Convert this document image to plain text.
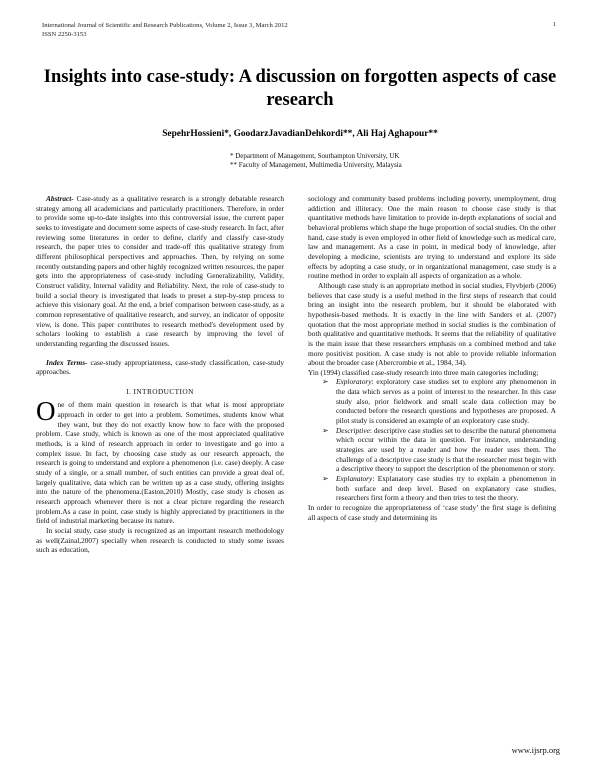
International Journal of Scientific and Research Publications, Volume 2, Issue 3, March 2012
ISSN 2250-3153
1
Insights into case-study: A discussion on forgotten aspects of case research
SepehrHossieni*, GoodarzJavadianDehkordi**, Ali Haj Aghapour**
* Department of Management, Southampton University, UK
** Faculty of Management, Multimedia University, Malaysia

Abstract- Case-study as a qualitative research is a strongly debatable research strategy among all academicians and particularly practitioners. Therefore, in order to provide some up-to-date insights into this controversial issue, the current paper seeks to investigate and document some aspects of case-study research. In fact, after reviewing some literatures in order to define, clarify and classify case-study research, the paper tries to consider and trade-off this qualitative strategy from different philosophical perspectives and approaches. Then, by relying on some recently outstanding papers and other highly recognized written resources, the paper gets into the appropriateness of case-study including Generalizability, Validity, Construct validity, Internal validity and Reliability. Next, the role of case-study to build a social theory is investigated that leads to preset a step-by-step process to achieve this visionary goal. At the end, a brief comparison between case-study, as a common representative of qualitative research, and survey, an indicator of opposite view, is done. This paper contributes to research method's development used by scholars looking to establish a case research by improving the level of understanding regarding the discussed issues.

Index Terms- case-study appropriateness, case-study classification, case-study approaches.

I. INTRODUCTION

One of them main question in research is that what is most appropriate approach in order to get into a problem. Sometimes, students know what they want, but they do not exactly know how to face with the proposed problem. Case study, which is known as one of the most appreciated qualitative methods, is a kind of research approach in order to investigate and go into a complex issue. In fact, by choosing case study as our research approach, the research is going to understand and explore a phenomenon (i.e. case) deeply. A case study of a single, or a small number, of such entities can provide a great deal of, largely qualitative, data which can be written up as a case study, offering insights into the nature of the phenomena.(Easton,2010) Mostly, case study is chosen as research approach whenever there is not a clear picture regarding the research problem.As a case in point, case study is highly appreciated by practitioners in the field of industrial marketing because its nature.

In social study, case study is recognized as an important research methodology as well(Zainal,2007) specially when research is conducted to study some issues such as education,

sociology and community based problems including poverty, unemployment, drug addiction and illiteracy. One the main reason to choose case study is that quantitative methods have limitation to provide in-depth explanations of social and behavioral problems which shape the huge proportion of social studies. On the other hand, case study is even employed in other field of knowledge such as medical care, law and management. As a case in point, in medical body of knowledge, after developing a medicine, scientists are trying to understand and explore its side effects by adopting a case study, or in organizational management, case study is a routine method in order to explain all aspects of organization as a whole.

Although case study is an appropriate method in social studies, Flyvbjerb (2006) believes that case study is a useful method in the first steps of research that could bring an insight into the research problem, but it should be elaborated with hypothesis-based methods. It is exactly in the line with Sanders et al. (2007) quotation that the most appropriate method in social studies is the combination of both qualitative and quantitative methods. It seems that the reliability of qualitative is the main issue that these researchers emphasis on a combined method and take more positivist position. A case study is not able to provide reliable information about the broader case (Abercrombie et al., 1984, 34).

Yin (1994) classified case-study research into three main categories including;

➢ Exploratory: exploratory case studies set to explore any phenomenon in the data which serves as a point of interest to the researcher. In this case study also, prior fieldwork and small scale data collection may be conducted before the research questions and hypotheses are proposed. A pilot study is considered an example of an exploratory case study.
➢ Descriptive: descriptive case studies set to describe the natural phenomena which occur within the data in question. For instance, understanding strategies are used by a reader and how the reader uses them. The challenge of a descriptive case study is that the researcher must begin with a descriptive theory to support the description of the phenomenon or story.
➢ Explanatory: Explanatory case studies try to explain a phenomenon in both surface and deep level. Based on explanatory case studies, researchers first form a theory and then tries to test the theory.

In order to recognize the appropriateness of ‘case study’ the first stage is defining all aspects of case study and determining its

www.ijsrp.org
